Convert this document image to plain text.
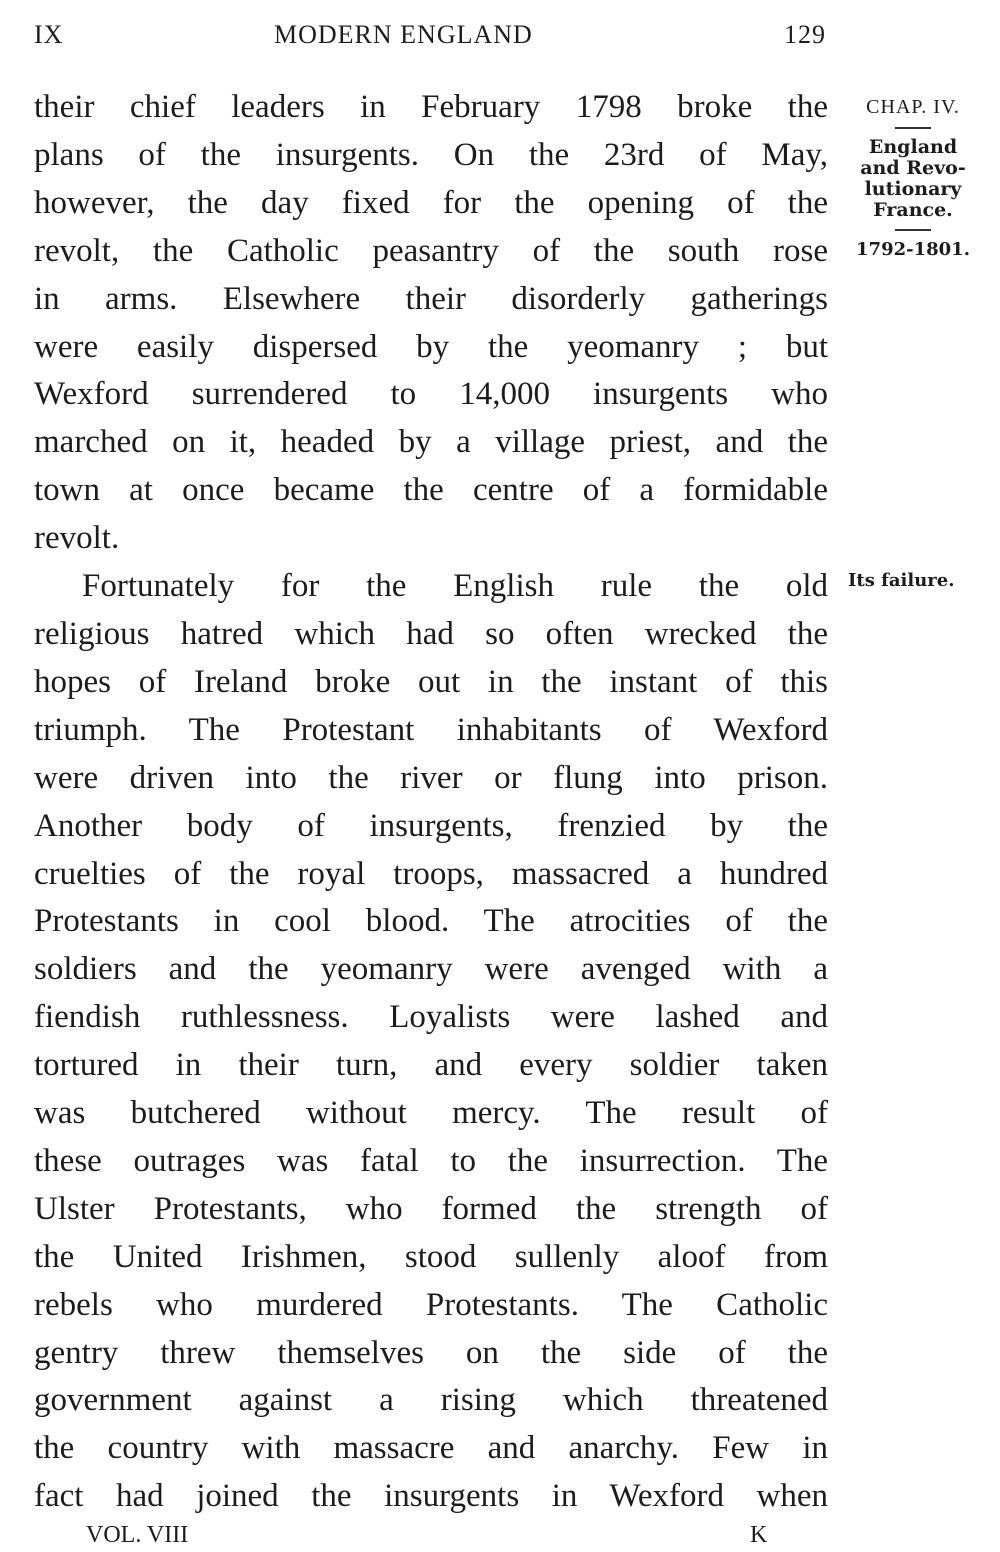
IX	MODERN ENGLAND	129

their chief leaders in February 1798 broke the

plans of the insurgents. On the 23rd of May,

however, the day fixed for the opening of the

revolt, the Catholic peasantry of the south rose

in arms. Elsewhere their disorderly gatherings

were easily dispersed by the yeomanry ; but

Wexford surrendered to 14,000 insurgents who

marched on it, headed by a village priest, and the

town at once became the centre of a formidable

revolt.

Fortunately for the English rule the old

religious hatred which had so often wrecked the

hopes of Ireland broke out in the instant of this

triumph. The Protestant inhabitants of Wexford

were driven into the river or flung into prison.

Another body of insurgents, frenzied by the

cruelties of the royal troops, massacred a hundred

Protestants in cool blood. The atrocities of the

soldiers and the yeomanry were avenged with a

fiendish ruthlessness. Loyalists were lashed and

tortured in their turn, and every soldier taken

was butchered without mercy. The result of

these outrages was fatal to the insurrection. The

Ulster Protestants, who formed the strength of

the United Irishmen, stood sullenly aloof from

rebels who murdered Protestants. The Catholic

gentry threw themselves on the side of the

government against a rising which threatened

the country with massacre and anarchy. Few in

fact had joined the insurgents in Wexford when

CHAP. IV.
England
and Revo-
lutionary
France.
1792-1801.
Its failure.
VOL. VIII	K
